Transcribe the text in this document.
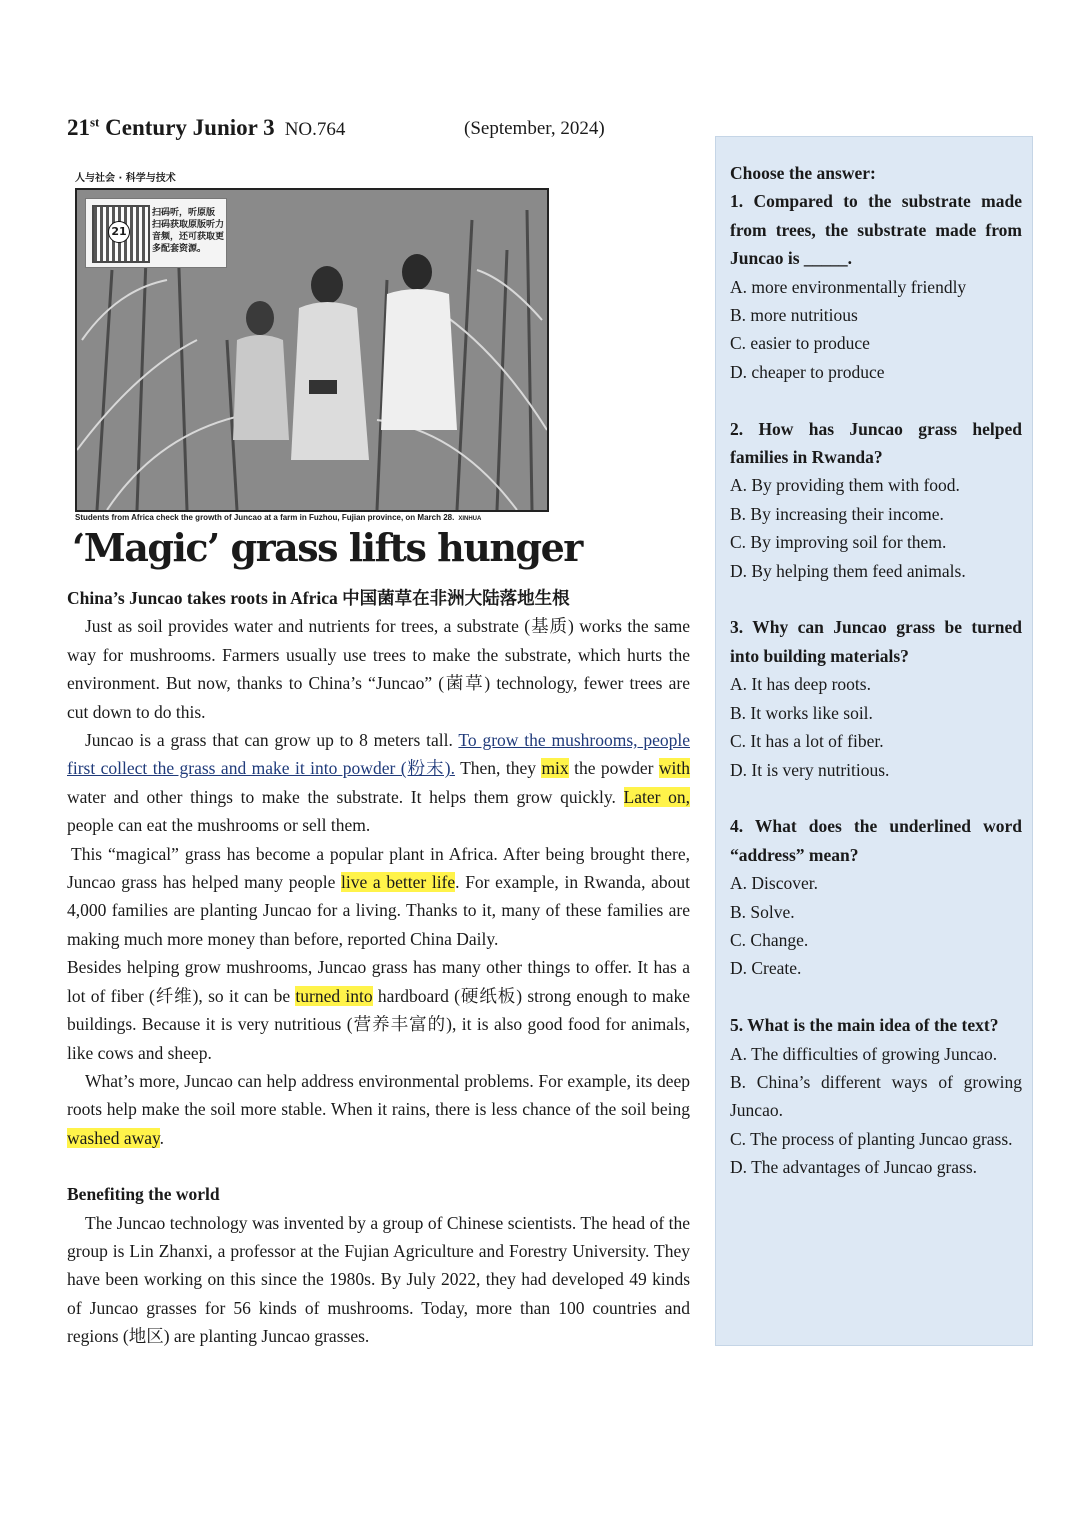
21st Century Junior 3 NO.764	(September, 2024)
人与社会 · 科学与技术
21
扫码听，听原版 扫码获取原版听力音频，还可获取更多配套资源。
Students from Africa check the growth of Juncao at a farm in Fuzhou, Fujian province, on March 28. XINHUA
‘Magic’ grass lifts hunger

China’s Juncao takes roots in Africa 中国菌草在非洲大陆落地生根

Just as soil provides water and nutrients for trees, a substrate (基质) works the same way for mushrooms. Farmers usually use trees to make the substrate, which hurts the environment. But now, thanks to China’s “Juncao” (菌草) technology, fewer trees are cut down to do this.

Juncao is a grass that can grow up to 8 meters tall. To grow the mushrooms, people first collect the grass and make it into powder (粉末). Then, they mix the powder with water and other things to make the substrate. It helps them grow quickly. Later on, people can eat the mushrooms or sell them.

This “magical” grass has become a popular plant in Africa. After being brought there, Juncao grass has helped many people live a better life. For example, in Rwanda, about 4,000 families are planting Juncao for a living. Thanks to it, many of these families are making much more money than before, reported China Daily.

Besides helping grow mushrooms, Juncao grass has many other things to offer. It has a lot of fiber (纤维), so it can be turned into hardboard (硬纸板) strong enough to make buildings. Because it is very nutritious (营养丰富的), it is also good food for animals, like cows and sheep.

What’s more, Juncao can help address environmental problems. For example, its deep roots help make the soil more stable. When it rains, there is less chance of the soil being washed away.

Benefiting the world

The Juncao technology was invented by a group of Chinese scientists. The head of the group is Lin Zhanxi, a professor at the Fujian Agriculture and Forestry University. They have been working on this since the 1980s. By July 2022, they had developed 49 kinds of Juncao grasses for 56 kinds of mushrooms. Today, more than 100 countries and regions (地区) are planting Juncao grasses.

Choose the answer:

1. Compared to the substrate made from trees, the substrate made from Juncao is _____.

A. more environmentally friendly

B. more nutritious

C. easier to produce

D. cheaper to produce

2. How has Juncao grass helped families in Rwanda?

A. By providing them with food.

B. By increasing their income.

C. By improving soil for them.

D. By helping them feed animals.

3. Why can Juncao grass be turned into building materials?

A. It has deep roots.

B. It works like soil.

C. It has a lot of fiber.

D. It is very nutritious.

4. What does the underlined word “address” mean?

A. Discover.

B. Solve.

C. Change.

D. Create.

5. What is the main idea of the text?

A. The difficulties of growing Juncao.

B. China’s different ways of growing Juncao.

C. The process of planting Juncao grass.

D. The advantages of Juncao grass.
